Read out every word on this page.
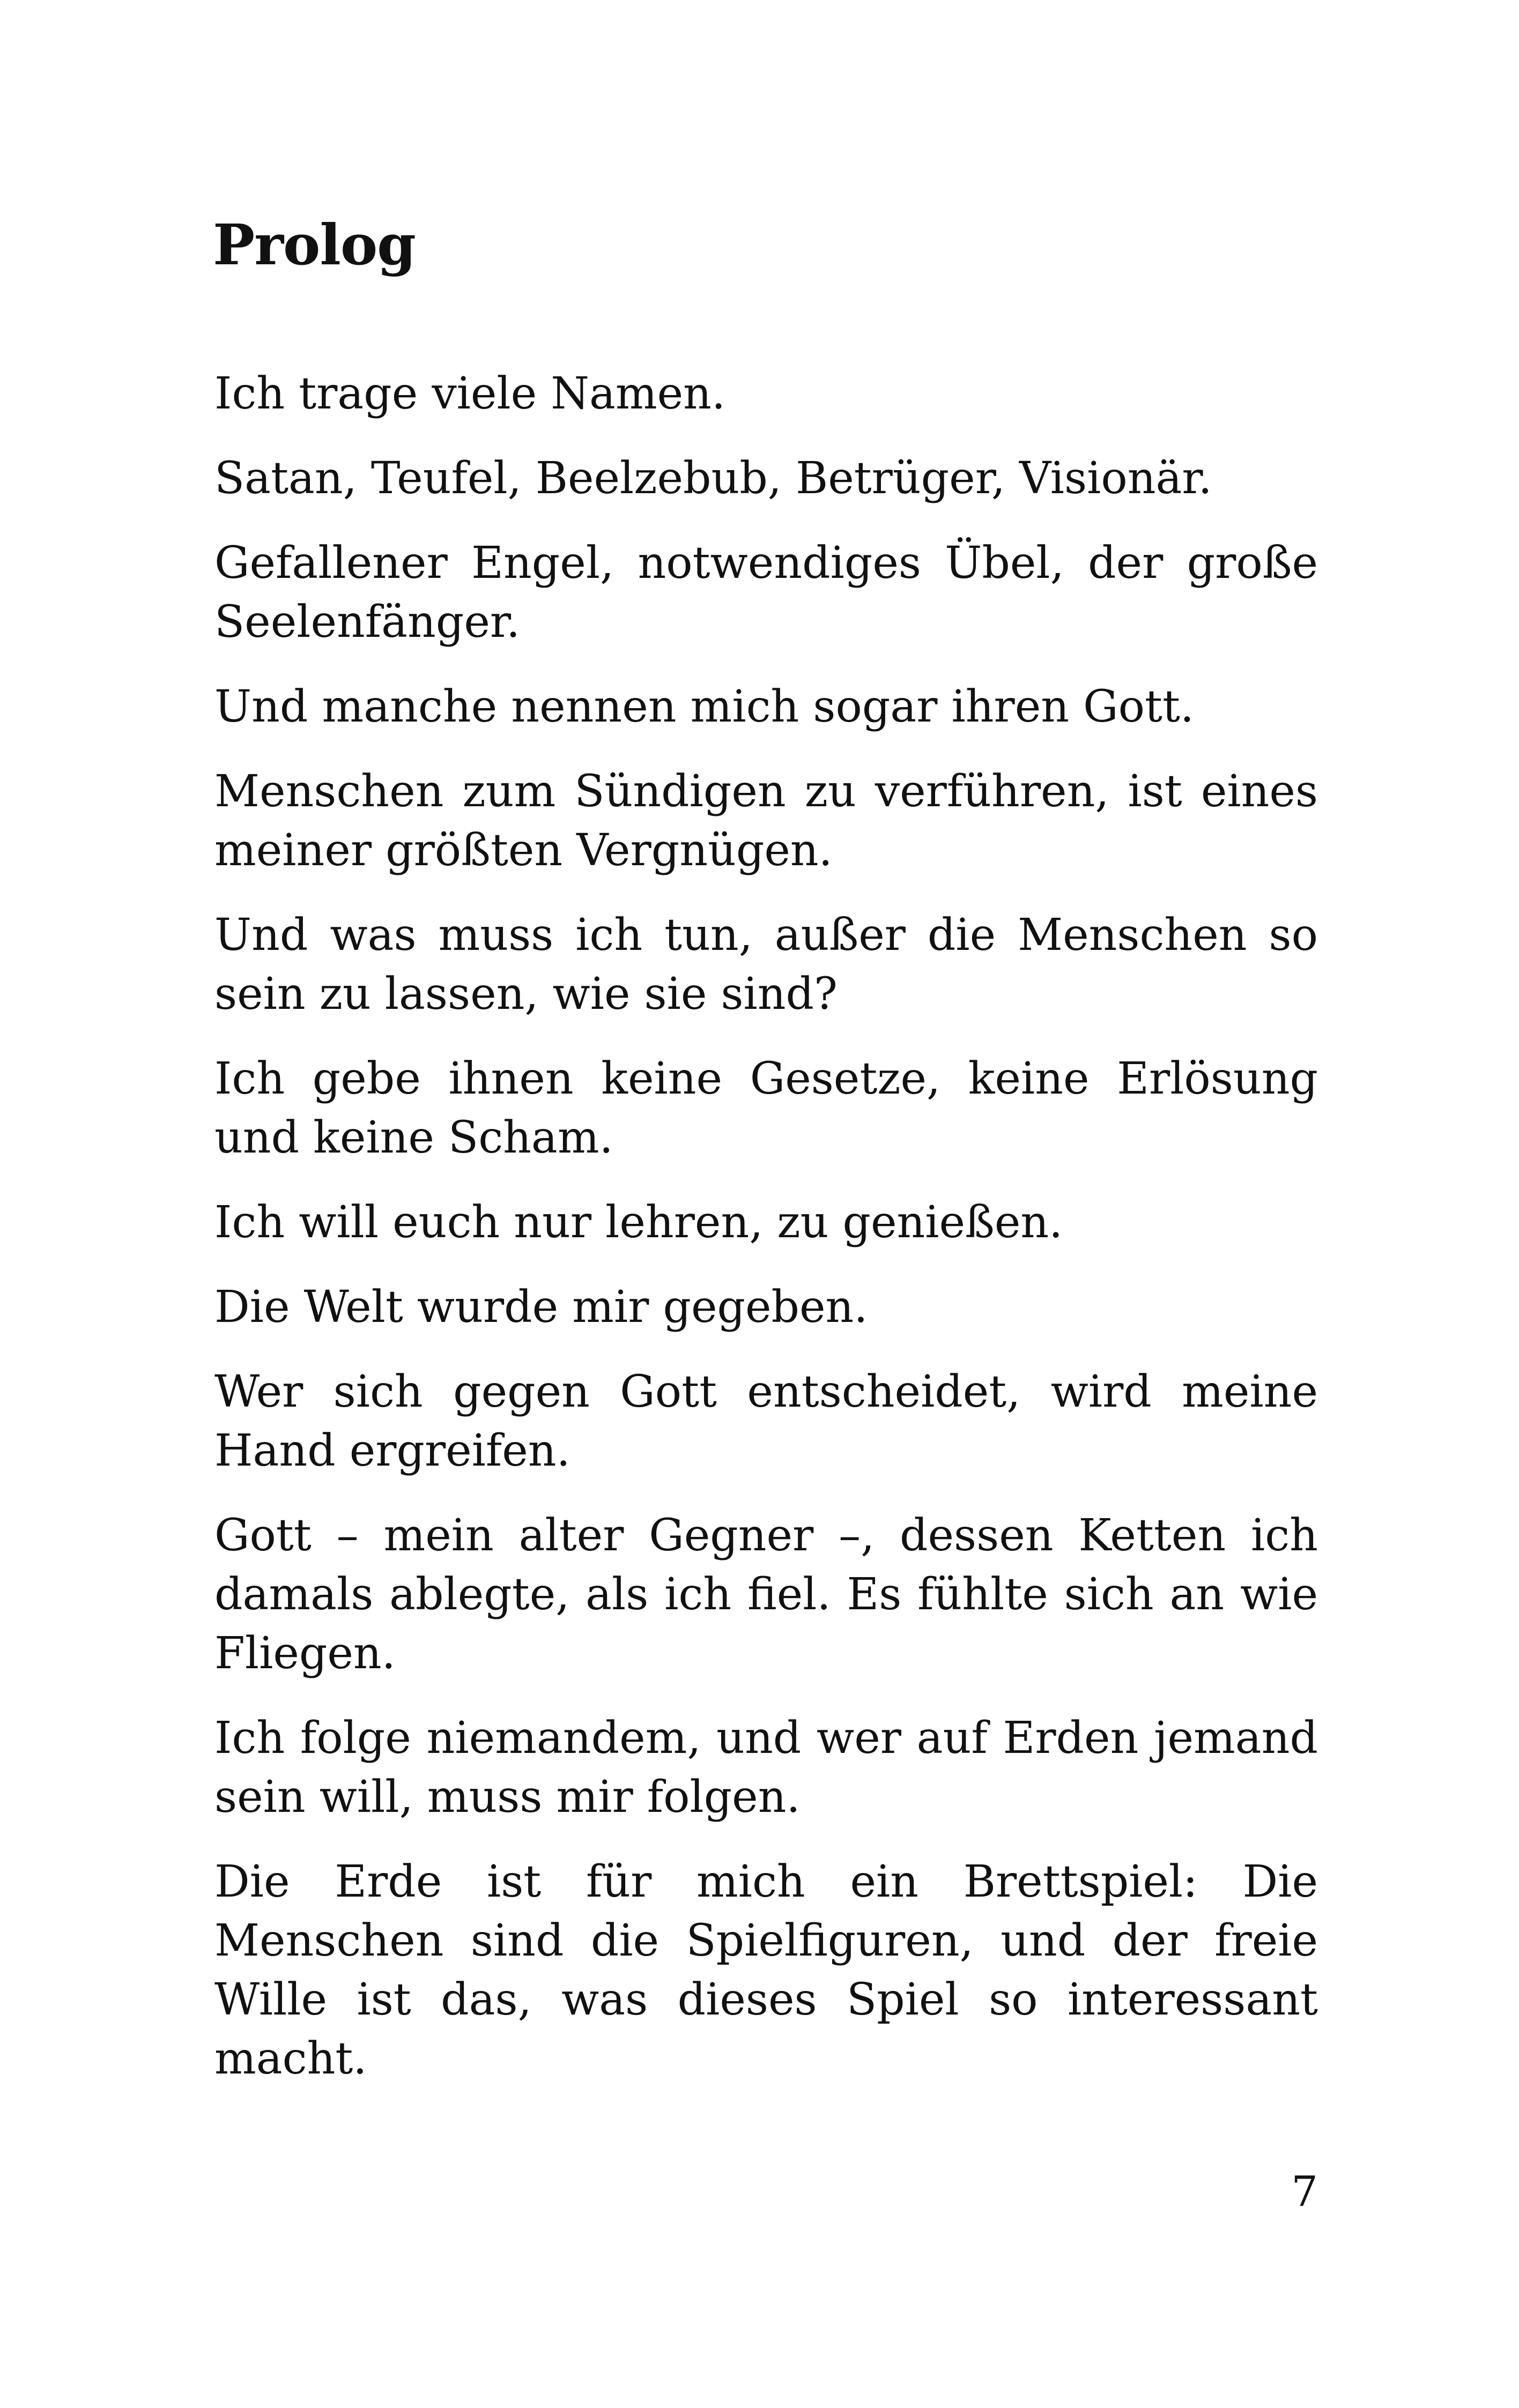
Prolog

Ich trage viele Namen.

Satan, Teufel, Beelzebub, Betrüger, Visionär.

Gefallener Engel, notwendiges Übel, der große Seelenfänger.

Und manche nennen mich sogar ihren Gott.

Menschen zum Sündigen zu verführen, ist eines meiner größten Vergnügen.

Und was muss ich tun, außer die Menschen so sein zu lassen, wie sie sind?

Ich gebe ihnen keine Gesetze, keine Erlösung und keine Scham.

Ich will euch nur lehren, zu genießen.

Die Welt wurde mir gegeben.

Wer sich gegen Gott entscheidet, wird meine Hand ergreifen.

Gott – mein alter Gegner –, dessen Ketten ich damals ablegte, als ich fiel. Es fühlte sich an wie Fliegen.

Ich folge niemandem, und wer auf Erden jemand sein will, muss mir folgen.

Die Erde ist für mich ein Brettspiel: Die Menschen sind die Spielfiguren, und der freie Wille ist das, was dieses Spiel so interessant macht.

7
